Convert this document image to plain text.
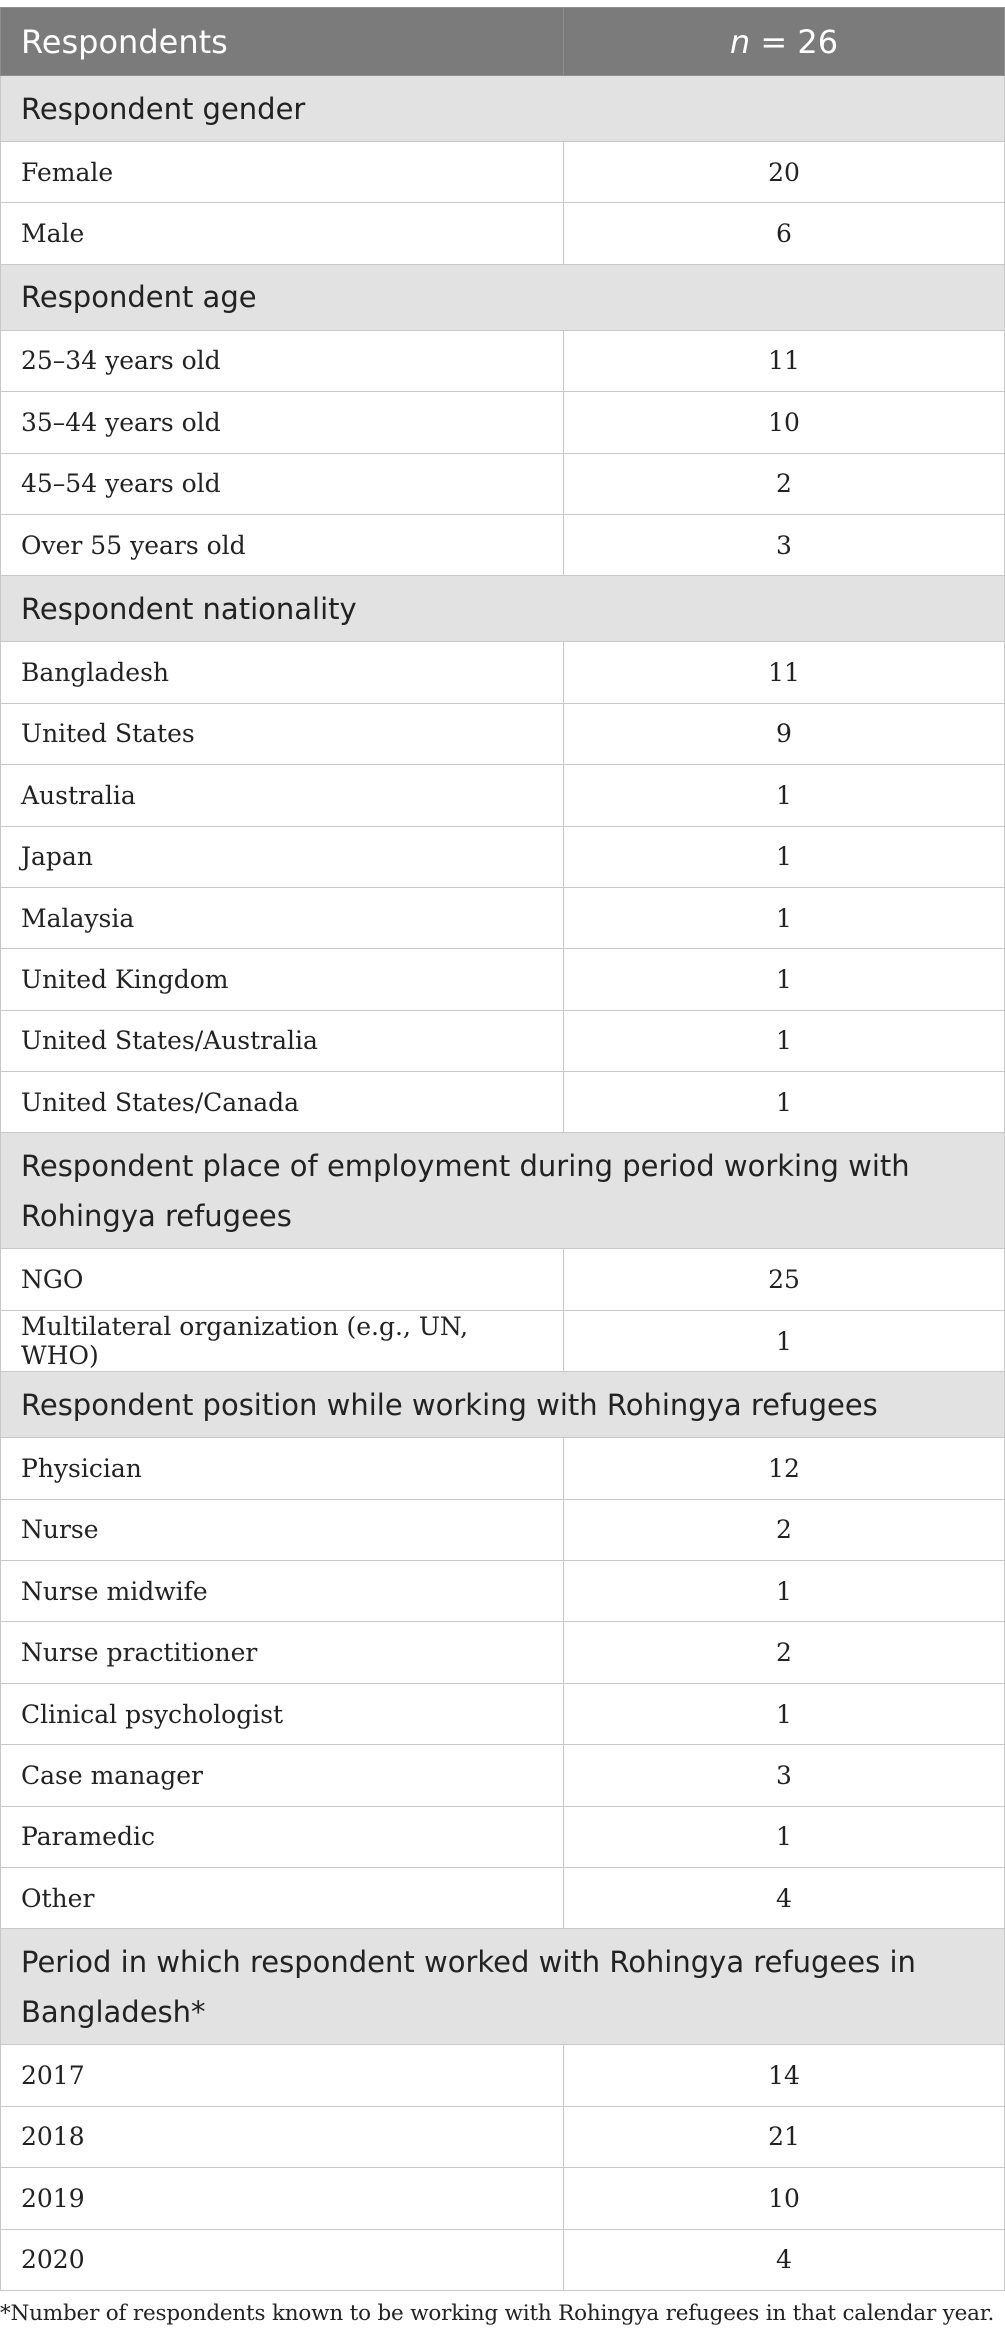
Respondents	n = 26
Respondent gender	
Female	20
Male	6
Respondent age	
25–34 years old	11
35–44 years old	10
45–54 years old	2
Over 55 years old	3
Respondent nationality	
Bangladesh	11
United States	9
Australia	1
Japan	1
Malaysia	1
United Kingdom	1
United States/Australia	1
United States/Canada	1
Respondent place of employment during period working with Rohingya refugees	
NGO	25
Multilateral organization (e.g., UN, WHO)	1
Respondent position while working with Rohingya refugees	
Physician	12
Nurse	2
Nurse midwife	1
Nurse practitioner	2
Clinical psychologist	1
Case manager	3
Paramedic	1
Other	4
Period in which respondent worked with Rohingya refugees in Bangladesh*	
2017	14
2018	21
2019	10
2020	4
*Number of respondents known to be working with Rohingya refugees in that calendar year.
